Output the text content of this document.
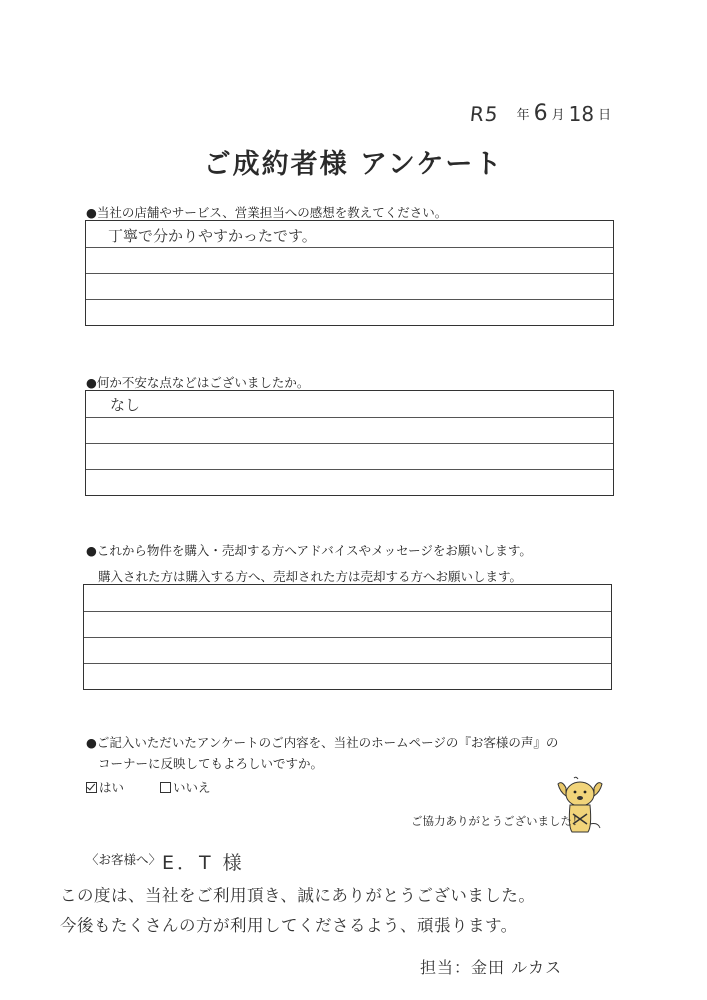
R5 年 6 月 18 日
ご成約者様 アンケート
●当社の店舗やサービス、営業担当への感想を教えてください。
丁寧で分かりやすかったです。
●何か不安な点などはございましたか。
なし
●これから物件を購入・売却する方へアドバイスやメッセージをお願いします。
購入された方は購入する方へ、売却された方は売却する方へお願いします。
●ご記入いただいたアンケートのご内容を、当社のホームページの『お客様の声』の
コーナーに反映してもよろしいですか。
はい	いいえ
ご協力ありがとうございました！
〈お客様へ〉 E．T 様
この度は、当社をご利用頂き、誠にありがとうございました。
今後もたくさんの方が利用してくださるよう、頑張ります。
担当：金田 ルカス
